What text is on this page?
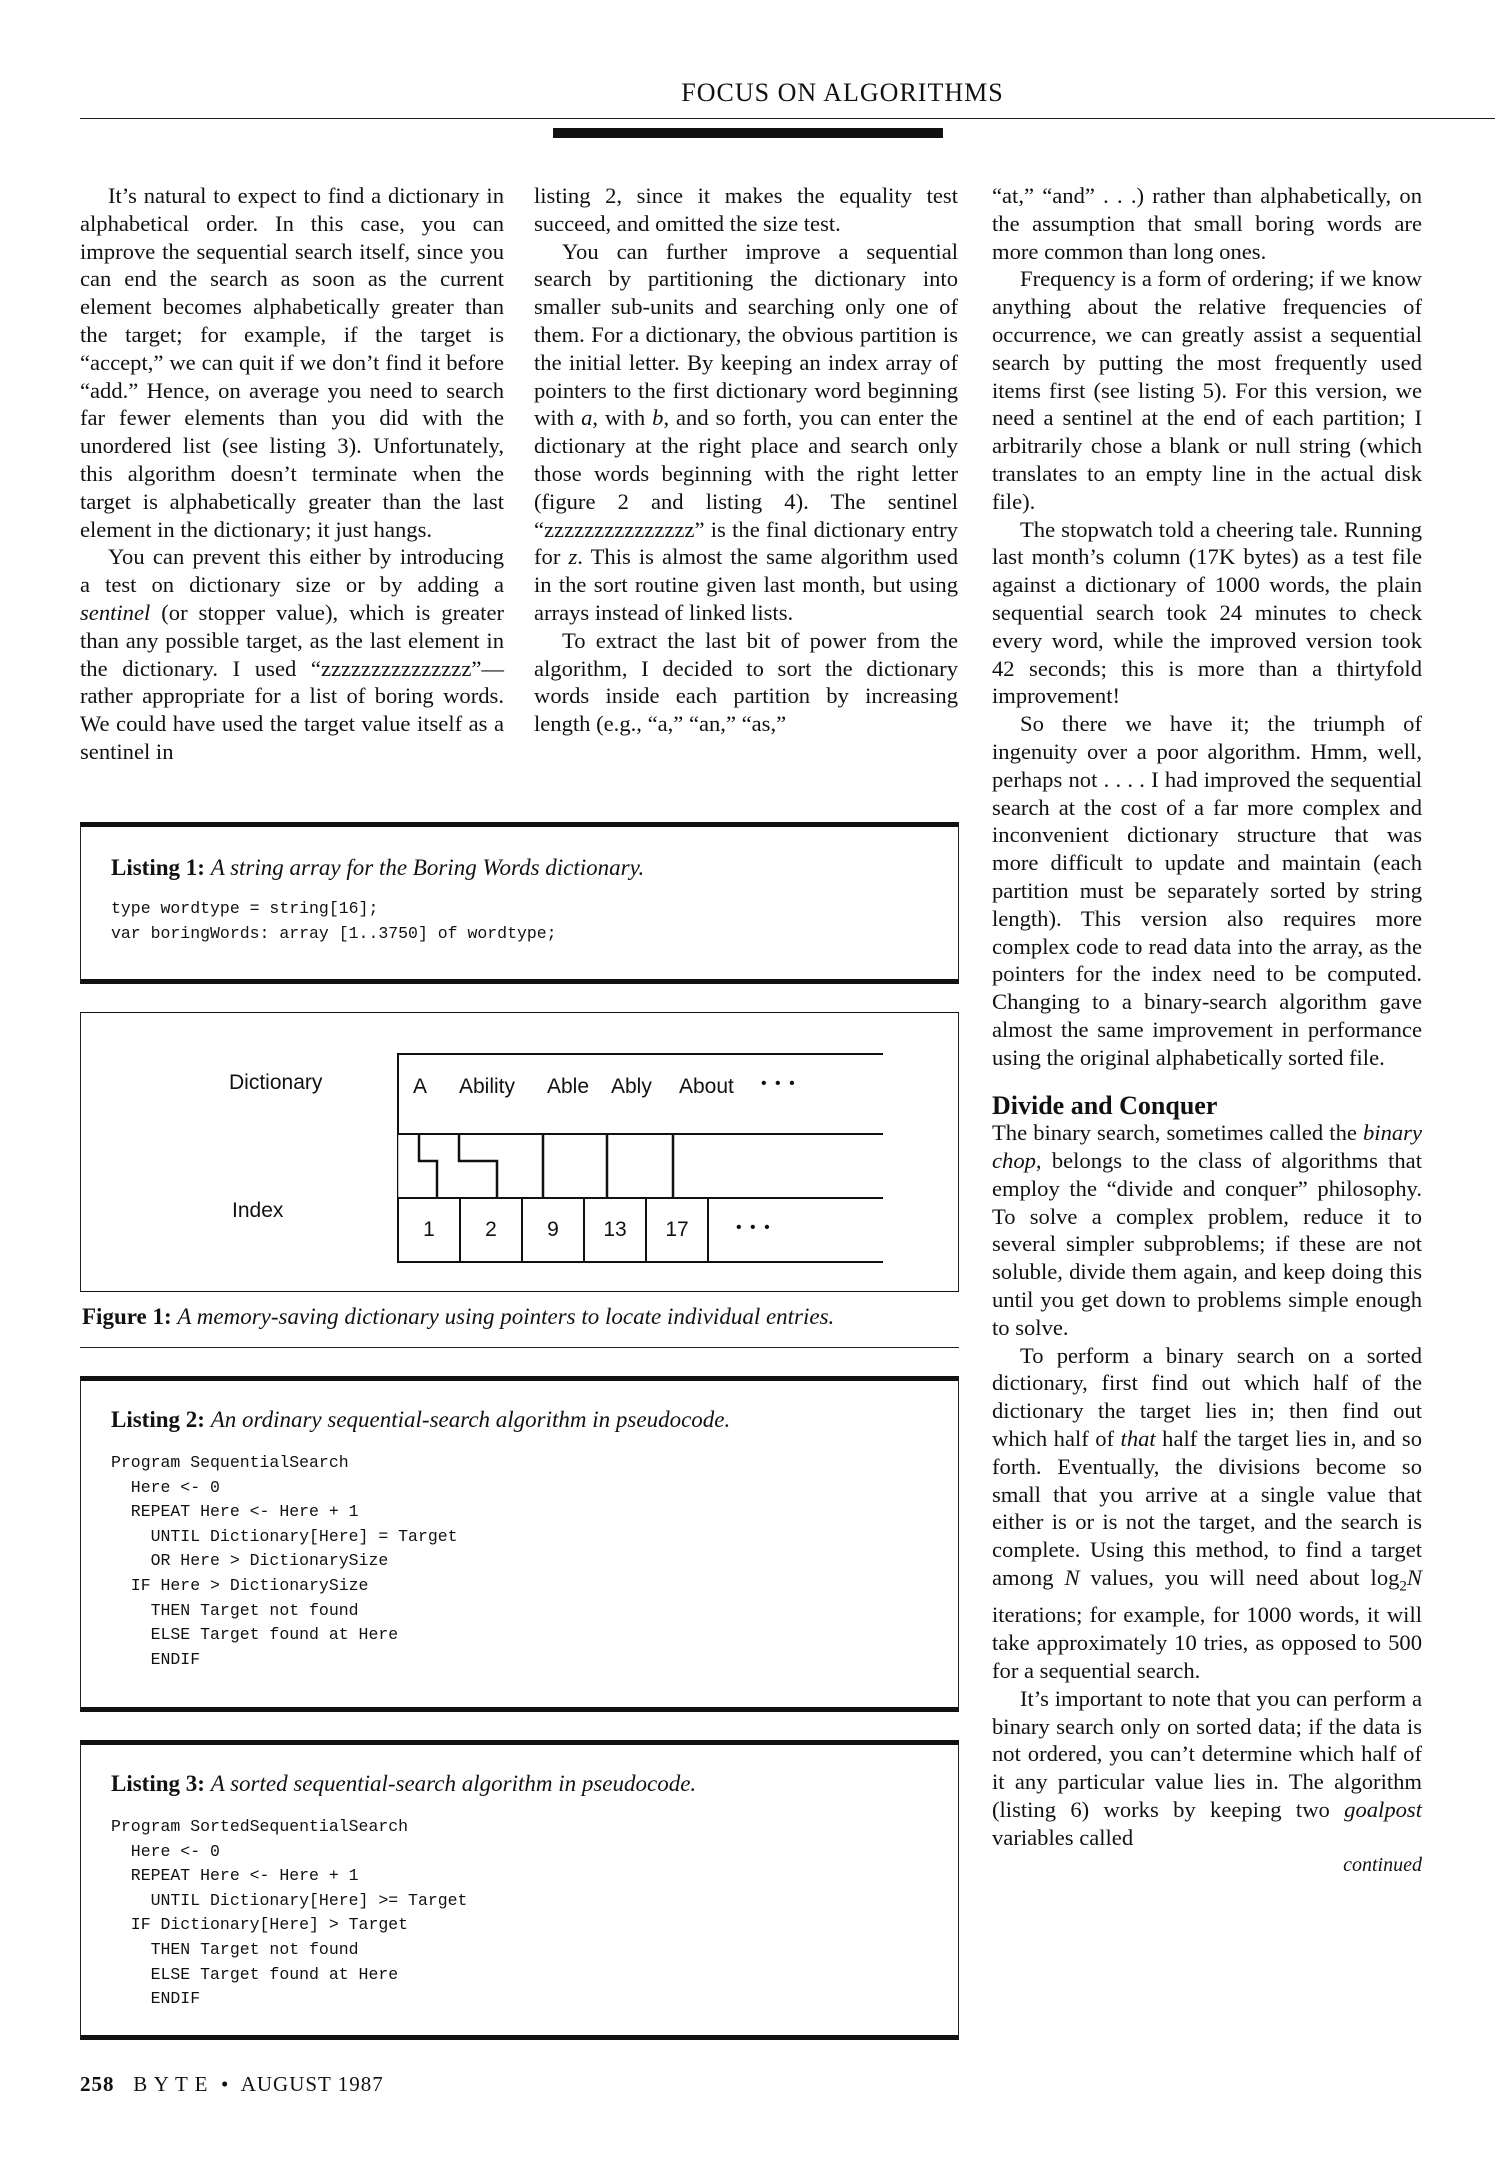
FOCUS ON ALGORITHMS

It’s natural to expect to find a dictionary in alphabetical order. In this case, you can improve the sequential search itself, since you can end the search as soon as the current element becomes alphabetically greater than the target; for example, if the target is “accept,” we can quit if we don’t find it before “add.” Hence, on average you need to search far fewer elements than you did with the unordered list (see listing 3). Unfortunately, this algorithm doesn’t terminate when the target is alphabetically greater than the last element in the dictionary; it just hangs.

You can prevent this either by introducing a test on dictionary size or by adding a sentinel (or stopper value), which is greater than any possible target, as the last element in the dictionary. I used “zzzzzzzzzzzzzzz”—rather appropriate for a list of boring words. We could have used the target value itself as a sentinel in

listing 2, since it makes the equality test succeed, and omitted the size test.

You can further improve a sequential search by partitioning the dictionary into smaller sub-units and searching only one of them. For a dictionary, the obvious partition is the initial letter. By keeping an index array of pointers to the first dictionary word beginning with a, with b, and so forth, you can enter the dictionary at the right place and search only those words beginning with the right letter (figure 2 and listing 4). The sentinel “zzzzzzzzzzzzzzz” is the final dictionary entry for z. This is almost the same algorithm used in the sort routine given last month, but using arrays instead of linked lists.

To extract the last bit of power from the algorithm, I decided to sort the dictionary words inside each partition by increasing length (e.g., “a,” “an,” “as,”

“at,” “and” . . .) rather than alphabetically, on the assumption that small boring words are more common than long ones.

Frequency is a form of ordering; if we know anything about the relative frequencies of occurrence, we can greatly assist a sequential search by putting the most frequently used items first (see listing 5). For this version, we need a sentinel at the end of each partition; I arbitrarily chose a blank or null string (which translates to an empty line in the actual disk file).

The stopwatch told a cheering tale. Running last month’s column (17K bytes) as a test file against a dictionary of 1000 words, the plain sequential search took 24 minutes to check every word, while the improved version took 42 seconds; this is more than a thirtyfold improvement!

So there we have it; the triumph of ingenuity over a poor algorithm. Hmm, well, perhaps not . . . . I had improved the sequential search at the cost of a far more complex and inconvenient dictionary structure that was more difficult to update and maintain (each partition must be separately sorted by string length). This version also requires more complex code to read data into the array, as the pointers for the index need to be computed. Changing to a binary-search algorithm gave almost the same improvement in performance using the original alphabetically sorted file.

Divide and Conquer

The binary search, sometimes called the binary chop, belongs to the class of algorithms that employ the “divide and conquer” philosophy. To solve a complex problem, reduce it to several simpler subproblems; if these are not soluble, divide them again, and keep doing this until you get down to problems simple enough to solve.

To perform a binary search on a sorted dictionary, first find out which half of the dictionary the target lies in; then find out which half of that half the target lies in, and so forth. Eventually, the divisions become so small that you arrive at a single value that either is or is not the target, and the search is complete. Using this method, to find a target among N values, you will need about $\log_2N$ iterations; for example, for 1000 words, it will take approximately 10 tries, as opposed to 500 for a sequential search.

It’s important to note that you can perform a binary search only on sorted data; if the data is not ordered, you can’t determine which half of it any particular value lies in. The algorithm (listing 6) works by keeping two goalpost variables called

continued

Listing 1: A string array for the Boring Words dictionary.

type wordtype = string[16];
var boringWords: array [1..3750] of wordtype;
Dictionary
Index
A Ability Able Ably About • • •
1	2	9	13	17	• • •

Figure 1: A memory-saving dictionary using pointers to locate individual entries.

Listing 2: An ordinary sequential-search algorithm in pseudocode.

Program SequentialSearch
Here <- 0
REPEAT Here <- Here + 1
UNTIL Dictionary[Here] = Target
OR Here > DictionarySize
IF Here > DictionarySize
THEN Target not found
ELSE Target found at Here
ENDIF

Listing 3: A sorted sequential-search algorithm in pseudocode.

Program SortedSequentialSearch
Here <- 0
REPEAT Here <- Here + 1
UNTIL Dictionary[Here] >= Target
IF Dictionary[Here] > Target
THEN Target not found
ELSE Target found at Here
ENDIF
258 B Y T E • AUGUST 1987
